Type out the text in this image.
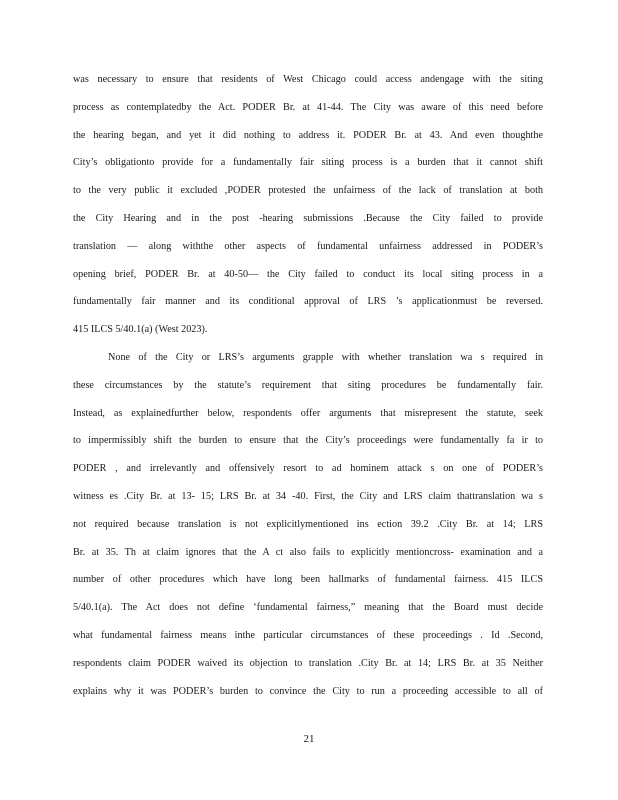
was necessary to ensure that residents of West Chicago could access andengage with the siting
process as contemplatedby the Act. PODER Br. at 41-44. The City was aware of this need before
the hearing began, and yet it did nothing to address it. PODER Br. at 43. And even thoughthe
City’s obligationto provide for a fundamentally fair siting process is a burden that it cannot shift
to the very public it excluded ,PODER protested the unfairness of the lack of translation at both
the City Hearing and in the post -hearing submissions .Because the City failed to provide
translation — along withthe other aspects of fundamental unfairness addressed in PODER’s
opening brief, PODER Br. at 40-50— the City failed to conduct its local siting process in a
fundamentally fair manner and its conditional approval of LRS ’s applicationmust be reversed.
415 ILCS 5/40.1(a) (West 2023).
None of the City or LRS’s arguments grapple with whether translation wa s required in
these circumstances by the statute’s requirement that siting procedures be fundamentally fair.
Instead, as explainedfurther below, respondents offer arguments that misrepresent the statute, seek
to impermissibly shift the burden to ensure that the City’s proceedings were fundamentally fa ir to
PODER , and irrelevantly and offensively resort to ad hominem attack s on one of PODER’s
witness es .City Br. at 13- 15; LRS Br. at 34 -40. First, the City and LRS claim thattranslation wa s
not required because translation is not explicitlymentioned ins ection 39.2 .City Br. at 14; LRS
Br. at 35. Th at claim ignores that the A ct also fails to explicitly mentioncross- examination and a
number of other procedures which have long been hallmarks of fundamental fairness. 415 ILCS
5/40.1(a). The Act does not define ‘fundamental fairness,” meaning that the Board must decide
what fundamental fairness means inthe particular circumstances of these proceedings . Id .Second,
respondents claim PODER waived its objection to translation .City Br. at 14; LRS Br. at 35 Neither
explains why it was PODER’s burden to convince the City to run a proceeding accessible to all of
21
